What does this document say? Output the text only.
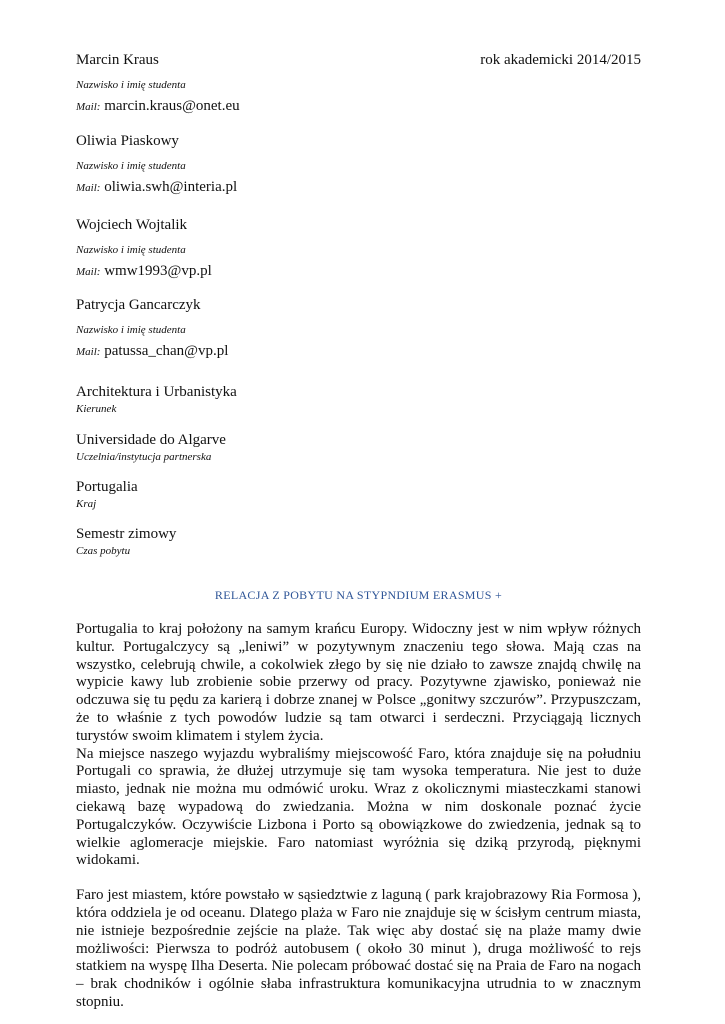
Marcin Kraus	rok akademicki 2014/2015
Nazwisko i imię studenta
Mail: marcin.kraus@onet.eu
Oliwia Piaskowy
Nazwisko i imię studenta
Mail: oliwia.swh@interia.pl
Wojciech Wojtalik
Nazwisko i imię studenta
Mail: wmw1993@vp.pl
Patrycja Gancarczyk
Nazwisko i imię studenta
Mail: patussa_chan@vp.pl
Architektura i Urbanistyka
Kierunek
Universidade do Algarve
Uczelnia/instytucja partnerska
Portugalia
Kraj
Semestr zimowy
Czas pobytu
RELACJA Z POBYTU NA STYPNDIUM ERASMUS +

Portugalia to kraj położony na samym krańcu Europy. Widoczny jest w nim wpływ różnych kultur. Portugalczycy są „leniwi” w pozytywnym znaczeniu tego słowa. Mają czas na wszystko, celebrują chwile, a cokolwiek złego by się nie działo to zawsze znajdą chwilę na wypicie kawy lub zrobienie sobie przerwy od pracy. Pozytywne zjawisko, ponieważ nie odczuwa się tu pędu za karierą i dobrze znanej w Polsce „gonitwy szczurów”. Przypuszczam, że to właśnie z tych powodów ludzie są tam otwarci i serdeczni. Przyciągają licznych turystów swoim klimatem i stylem życia.

Na miejsce naszego wyjazdu wybraliśmy miejscowość Faro, która znajduje się na południu Portugali co sprawia, że dłużej utrzymuje się tam wysoka temperatura. Nie jest to duże miasto, jednak nie można mu odmówić uroku. Wraz z okolicznymi miasteczkami stanowi ciekawą bazę wypadową do zwiedzania. Można w nim doskonale poznać życie Portugalczyków. Oczywiście Lizbona i Porto są obowiązkowe do zwiedzenia, jednak są to wielkie aglomeracje miejskie. Faro natomiast wyróżnia się dziką przyrodą, pięknymi widokami.

Faro jest miastem, które powstało w sąsiedztwie z laguną ( park krajobrazowy Ria Formosa ), która oddziela je od oceanu. Dlatego plaża w Faro nie znajduje się w ścisłym centrum miasta, nie istnieje bezpośrednie zejście na plaże. Tak więc aby dostać się na plaże mamy dwie możliwości: Pierwsza to podróż autobusem ( około 30 minut ), druga możliwość to rejs statkiem na wyspę Ilha Deserta. Nie polecam próbować dostać się na Praia de Faro na nogach – brak chodników i ogólnie słaba infrastruktura komunikacyjna utrudnia to w znacznym stopniu.
